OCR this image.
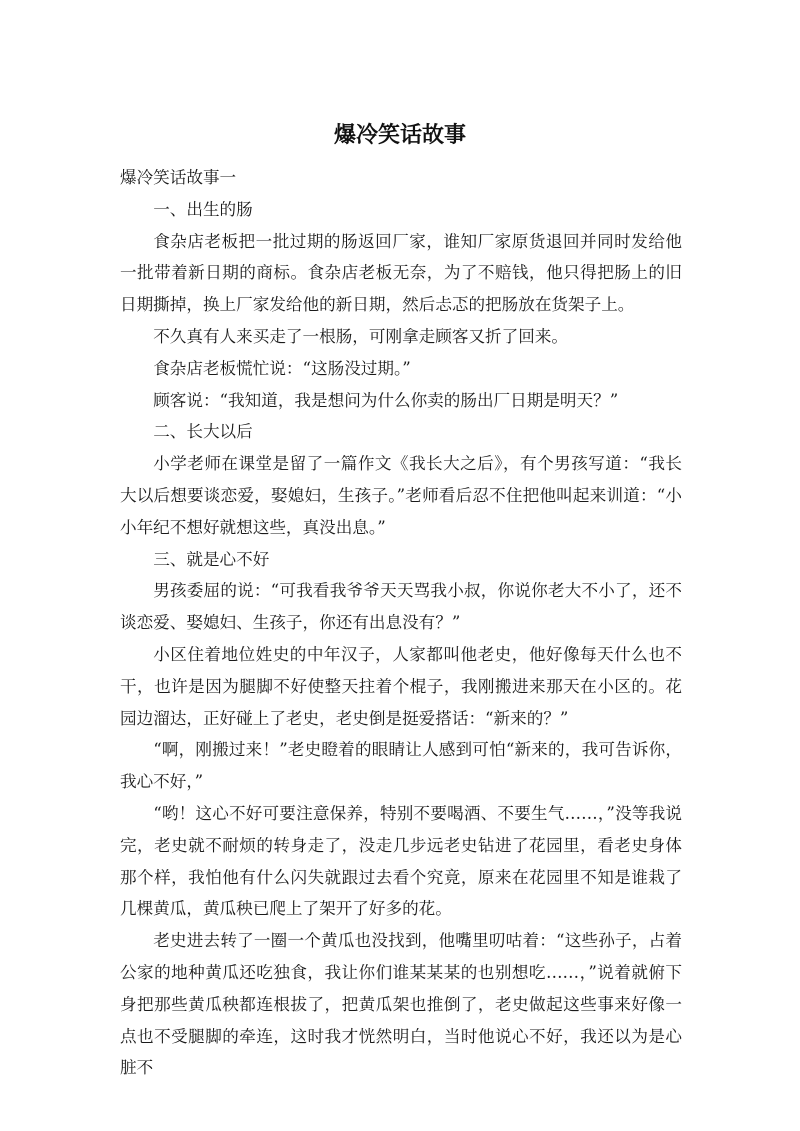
爆冷笑话故事

爆冷笑话故事一

一、出生的肠

食杂店老板把一批过期的肠返回厂家，谁知厂家原货退回并同时发给他一批带着新日期的商标。食杂店老板无奈，为了不赔钱，他只得把肠上的旧日期撕掉，换上厂家发给他的新日期，然后忐忑的把肠放在货架子上。

不久真有人来买走了一根肠，可刚拿走顾客又折了回来。

食杂店老板慌忙说：“这肠没过期。”

顾客说：“我知道，我是想问为什么你卖的肠出厂日期是明天？”

二、长大以后

小学老师在课堂是留了一篇作文《我长大之后》，有个男孩写道：“我长大以后想要谈恋爱，娶媳妇，生孩子。”老师看后忍不住把他叫起来训道：“小小年纪不想好就想这些，真没出息。”

三、就是心不好

男孩委屈的说：“可我看我爷爷天天骂我小叔，你说你老大不小了，还不谈恋爱、娶媳妇、生孩子，你还有出息没有？”

小区住着地位姓史的中年汉子，人家都叫他老史，他好像每天什么也不干，也许是因为腿脚不好使整天拄着个棍子，我刚搬进来那天在小区的。花园边溜达，正好碰上了老史，老史倒是挺爱搭话：“新来的？”

“啊，刚搬过来！”老史瞪着的眼睛让人感到可怕“新来的，我可告诉你，我心不好，”

“哟！这心不好可要注意保养，特别不要喝酒、不要生气……，”没等我说完，老史就不耐烦的转身走了，没走几步远老史钻进了花园里，看老史身体那个样，我怕他有什么闪失就跟过去看个究竟，原来在花园里不知是谁栽了几棵黄瓜，黄瓜秧已爬上了架开了好多的花。

老史进去转了一圈一个黄瓜也没找到，他嘴里叨咕着：“这些孙子，占着公家的地种黄瓜还吃独食，我让你们谁某某某的也别想吃……，”说着就俯下身把那些黄瓜秧都连根拔了，把黄瓜架也推倒了，老史做起这些事来好像一点也不受腿脚的牵连，这时我才恍然明白，当时他说心不好，我还以为是心脏不
